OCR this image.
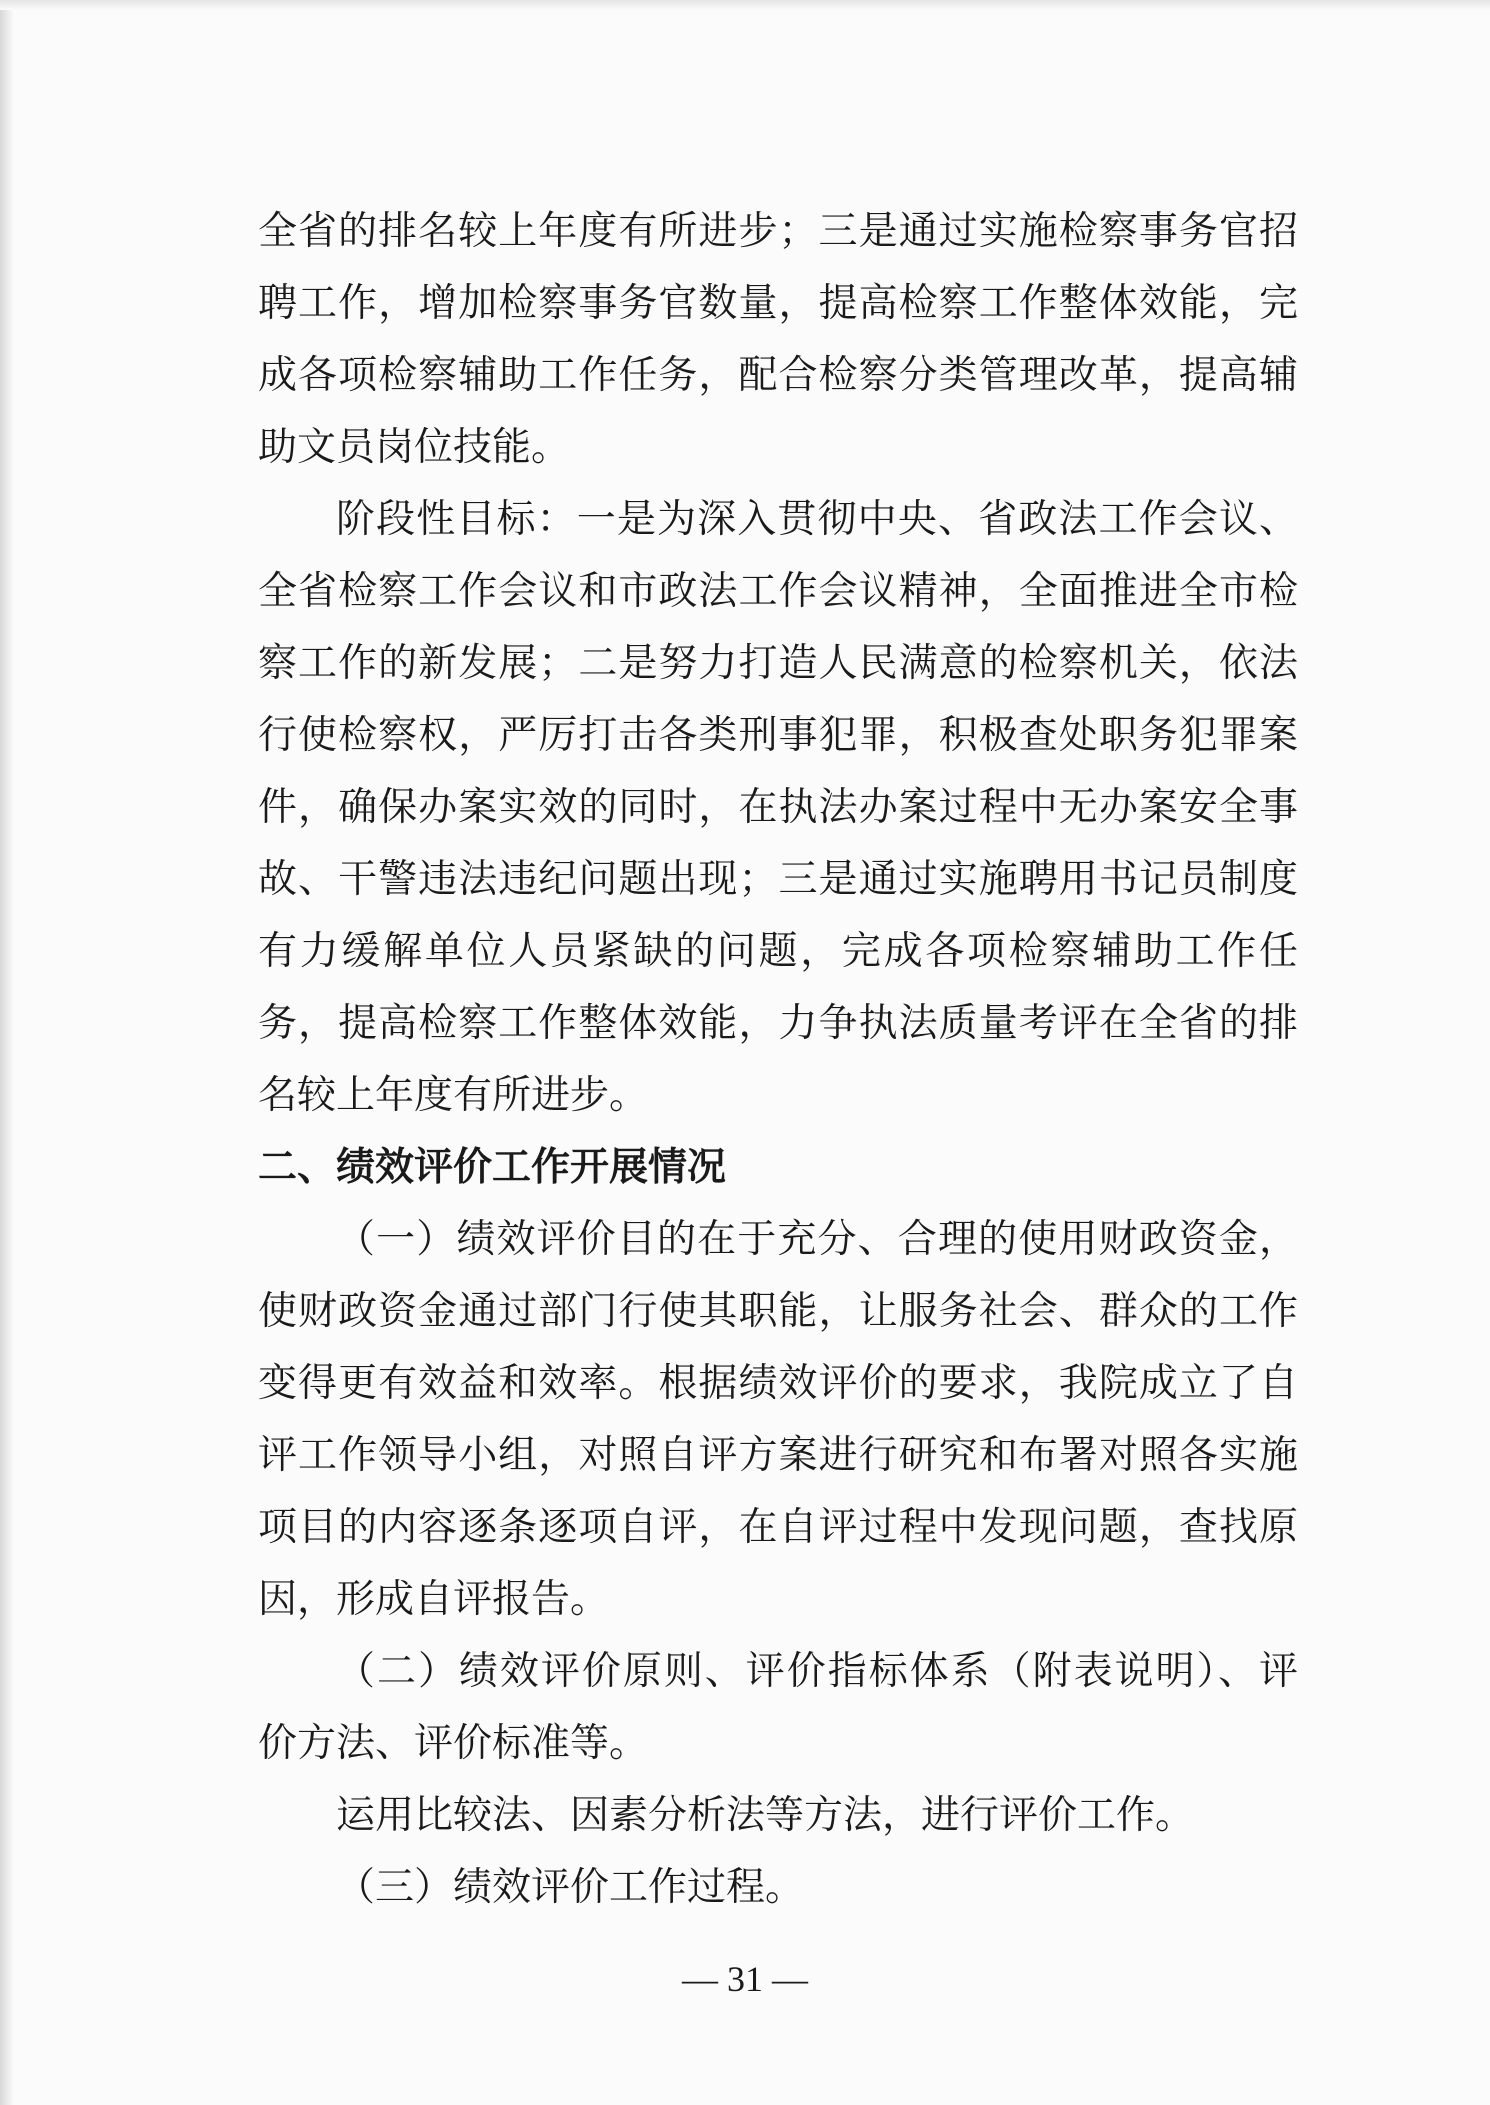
全省的排名较上年度有所进步；三是通过实施检察事务官招
聘工作，增加检察事务官数量，提高检察工作整体效能，完
成各项检察辅助工作任务，配合检察分类管理改革，提高辅
助文员岗位技能。
阶段性目标：一是为深入贯彻中央、省政法工作会议、
全省检察工作会议和市政法工作会议精神，全面推进全市检
察工作的新发展；二是努力打造人民满意的检察机关，依法
行使检察权，严厉打击各类刑事犯罪，积极查处职务犯罪案
件，确保办案实效的同时，在执法办案过程中无办案安全事
故、干警违法违纪问题出现；三是通过实施聘用书记员制度
有力缓解单位人员紧缺的问题，完成各项检察辅助工作任
务，提高检察工作整体效能，力争执法质量考评在全省的排
名较上年度有所进步。
二、绩效评价工作开展情况
（一）绩效评价目的在于充分、合理的使用财政资金，
使财政资金通过部门行使其职能，让服务社会、群众的工作
变得更有效益和效率。根据绩效评价的要求，我院成立了自
评工作领导小组，对照自评方案进行研究和布署对照各实施
项目的内容逐条逐项自评，在自评过程中发现问题，查找原
因，形成自评报告。
（二）绩效评价原则、评价指标体系（附表说明）、评
价方法、评价标准等。
运用比较法、因素分析法等方法，进行评价工作。
（三）绩效评价工作过程。
— 31 —
